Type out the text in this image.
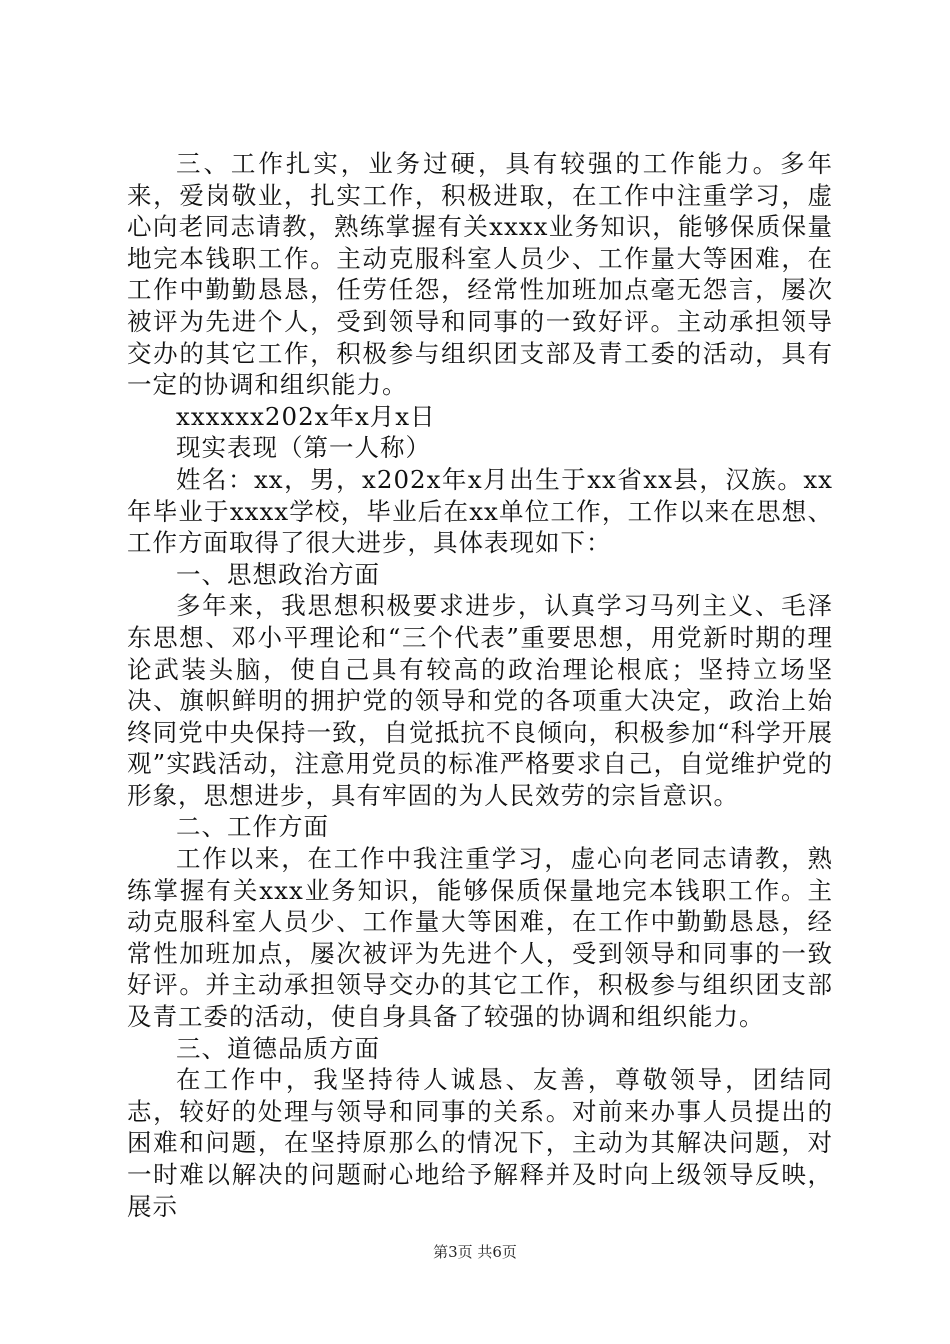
三、工作扎实，业务过硬，具有较强的工作能力。多年来，爱岗敬业，扎实工作，积极进取，在工作中注重学习，虚心向老同志请教，熟练掌握有关xxxx业务知识，能够保质保量地完本钱职工作。主动克服科室人员少、工作量大等困难，在工作中勤勤恳恳，任劳任怨，经常性加班加点毫无怨言，屡次被评为先进个人，受到领导和同事的一致好评。主动承担领导交办的其它工作，积极参与组织团支部及青工委的活动，具有一定的协调和组织能力。

xxxxxx202x年x月x日

现实表现（第一人称）

姓名：xx，男，x202x年x月出生于xx省xx县，汉族。xx年毕业于xxxx学校，毕业后在xx单位工作，工作以来在思想、工作方面取得了很大进步，具体表现如下：

一、思想政治方面

多年来，我思想积极要求进步，认真学习马列主义、毛泽东思想、邓小平理论和“三个代表”重要思想，用党新时期的理论武装头脑，使自己具有较高的政治理论根底；坚持立场坚决、旗帜鲜明的拥护党的领导和党的各项重大决定，政治上始终同党中央保持一致，自觉抵抗不良倾向，积极参加“科学开展观”实践活动，注意用党员的标准严格要求自己，自觉维护党的形象，思想进步，具有牢固的为人民效劳的宗旨意识。

二、工作方面

工作以来，在工作中我注重学习，虚心向老同志请教，熟练掌握有关xxx业务知识，能够保质保量地完本钱职工作。主动克服科室人员少、工作量大等困难，在工作中勤勤恳恳，经常性加班加点，屡次被评为先进个人，受到领导和同事的一致好评。并主动承担领导交办的其它工作，积极参与组织团支部及青工委的活动，使自身具备了较强的协调和组织能力。

三、道德品质方面

在工作中，我坚持待人诚恳、友善，尊敬领导，团结同志，较好的处理与领导和同事的关系。对前来办事人员提出的困难和问题，在坚持原那么的情况下，主动为其解决问题，对一时难以解决的问题耐心地给予解释并及时向上级领导反映，展示

第3页 共6页
